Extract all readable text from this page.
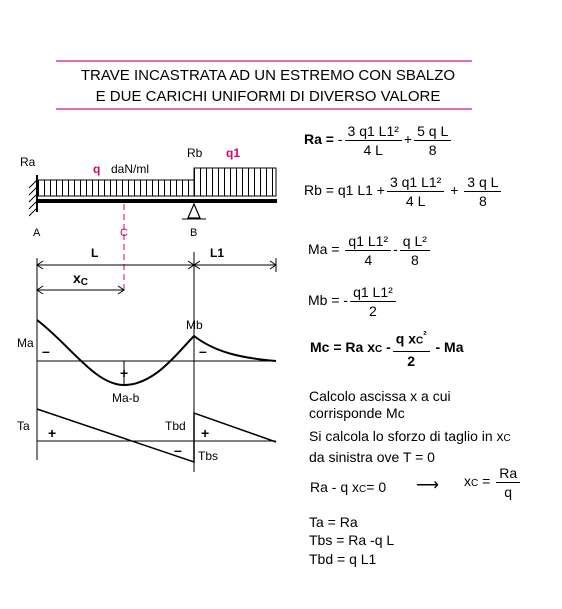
TRAVE INCASTRATA AD UN ESTREMO CON SBALZO
E DUE CARICHI UNIFORMI DI DIVERSO VALORE
Ra	q daN/ml
Rb q1
A	C	B
L	L1
xC
Ma
Mb
–	–
+
Ma-b
Ta +	Tbd +
– Tbs
Ra = - $\frac{\text{3 q1 L1²}}{4 L} + \frac{\text{5 q L}}{8}$
Rb = q1 $L1 + \frac{\text{3 q1 L1²}}{4 L} + \frac{\text{3 q L}}{8}$
$Ma = \frac{\text{q1 L1²}}{4} - \frac{\text{q L²}}{8}$
Mb = - $\frac{\text{q1 L1²}}{2}$
Mc = Ra xC - $\frac{q xC^{^2}}{2}$ - Ma
Calcolo ascissa x a cui
corrisponde Mc
Si calcola lo sforzo di taglio in xC
da sinistra ove T = 0
Ra - q xC= 0 ⟶ xC = $\frac{Ra}{q}$
Ta = Ra
Tbs = Ra -q L
Tbd = q L1
